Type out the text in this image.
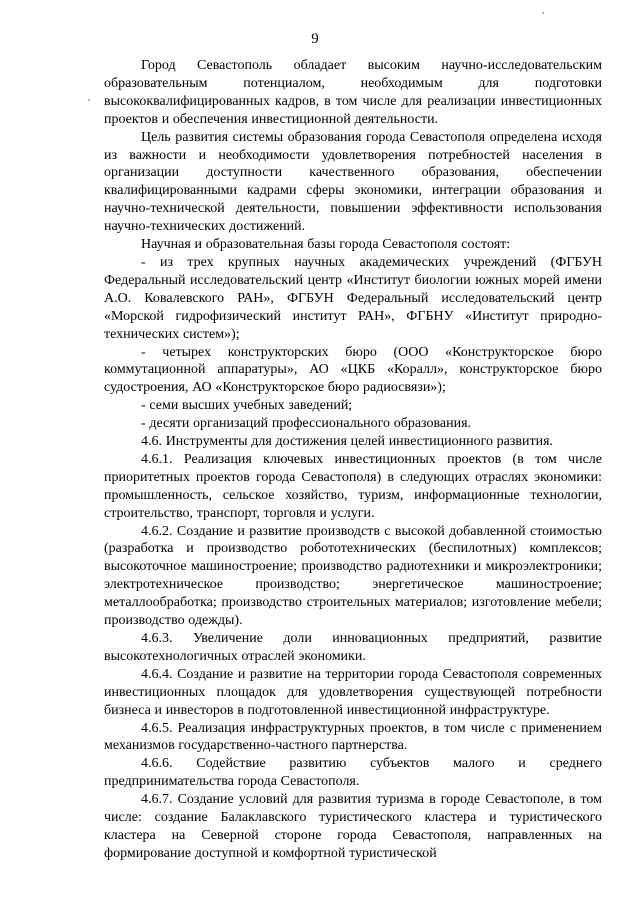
9

Город Севастополь обладает высоким научно-исследовательским образовательным потенциалом, необходимым для подготовки высококвалифицированных кадров, в том числе для реализации инвестиционных проектов и обеспечения инвестиционной деятельности.

Цель развития системы образования города Севастополя определена исходя из важности и необходимости удовлетворения потребностей населения в организации доступности качественного образования, обеспечении квалифицированными кадрами сферы экономики, интеграции образования и научно-технической деятельности, повышении эффективности использования научно-технических достижений.

Научная и образовательная базы города Севастополя состоят:

- из трех крупных научных академических учреждений (ФГБУН Федеральный исследовательский центр «Институт биологии южных морей имени А.О. Ковалевского РАН», ФГБУН Федеральный исследовательский центр «Морской гидрофизический институт РАН», ФГБНУ «Институт природно-технических систем»);

- четырех конструкторских бюро (ООО «Конструкторское бюро коммутационной аппаратуры», АО «ЦКБ «Коралл», конструкторское бюро судостроения, АО «Конструкторское бюро радиосвязи»);

- семи высших учебных заведений;

- десяти организаций профессионального образования.

4.6. Инструменты для достижения целей инвестиционного развития.

4.6.1. Реализация ключевых инвестиционных проектов (в том числе приоритетных проектов города Севастополя) в следующих отраслях экономики: промышленность, сельское хозяйство, туризм, информационные технологии, строительство, транспорт, торговля и услуги.

4.6.2. Создание и развитие производств с высокой добавленной стоимостью (разработка и производство робототехнических (беспилотных) комплексов; высокоточное машиностроение; производство радиотехники и микроэлектроники; электротехническое производство; энергетическое машиностроение; металлообработка; производство строительных материалов; изготовление мебели; производство одежды).

4.6.3. Увеличение доли инновационных предприятий, развитие высокотехнологичных отраслей экономики.

4.6.4. Создание и развитие на территории города Севастополя современных инвестиционных площадок для удовлетворения существующей потребности бизнеса и инвесторов в подготовленной инвестиционной инфраструктуре.

4.6.5. Реализация инфраструктурных проектов, в том числе с применением механизмов государственно-частного партнерства.

4.6.6. Содействие развитию субъектов малого и среднего предпринимательства города Севастополя.

4.6.7. Создание условий для развития туризма в городе Севастополе, в том числе: создание Балаклавского туристического кластера и туристического кластера на Северной стороне города Севастополя, направленных на формирование доступной и комфортной туристической
